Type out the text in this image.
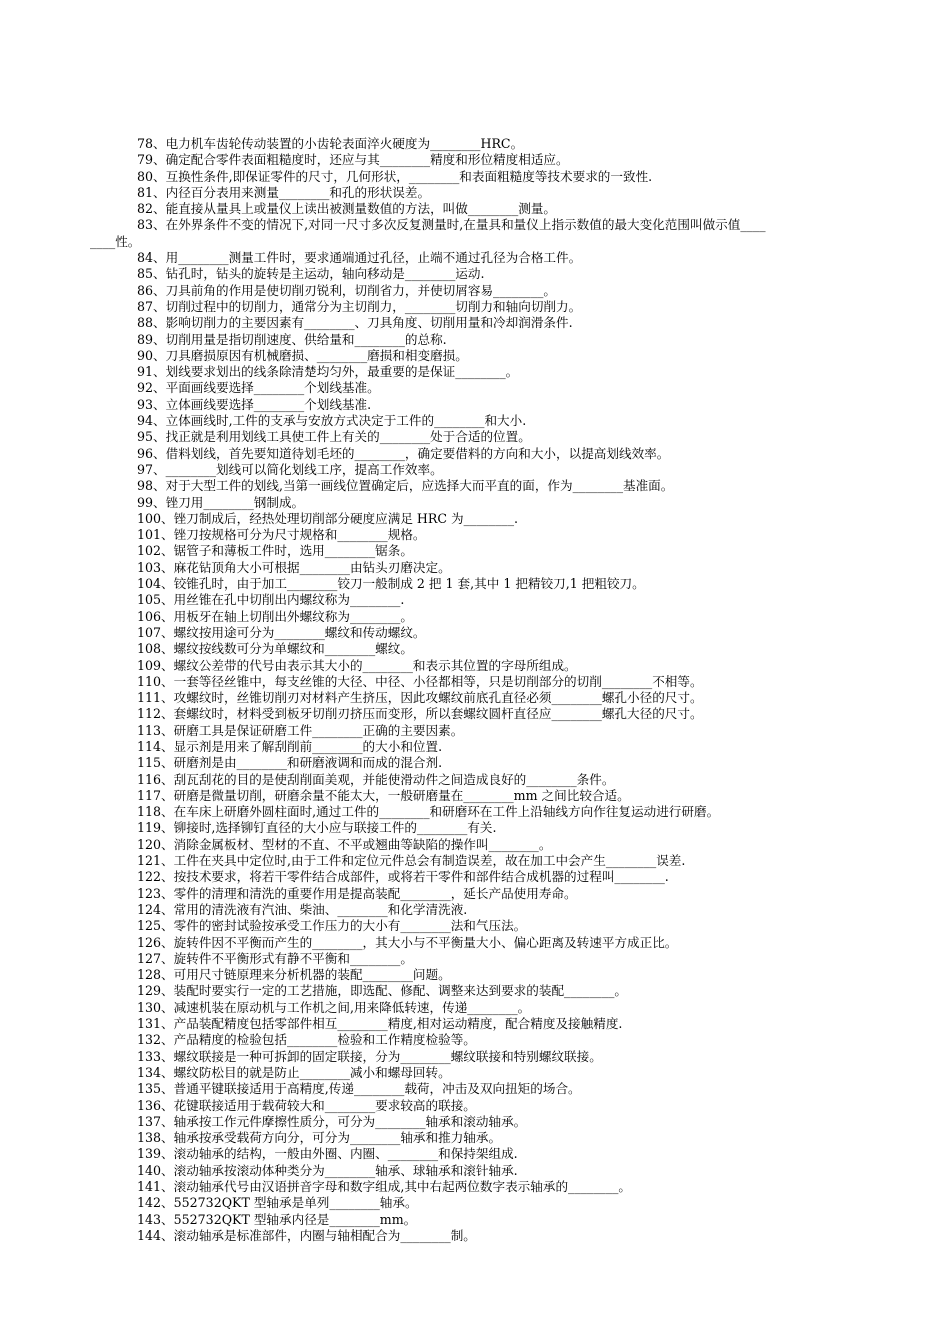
78、电力机车齿轮传动装置的小齿轮表面淬火硬度为________HRC。
79、确定配合零件表面粗糙度时，还应与其________精度和形位精度相适应。
80、互换性条件,即保证零件的尺寸，几何形状，________和表面粗糙度等技术要求的一致性.
81、内径百分表用来测量________和孔的形状误差。
82、能直接从量具上或量仪上读出被测量数值的方法，叫做________测量。
83、在外界条件不变的情况下,对同一尺寸多次反复测量时,在量具和量仪上指示数值的最大变化范围叫做示值____
____性。
84、用________测量工件时，要求通端通过孔径，止端不通过孔径为合格工件。
85、钻孔时，钻头的旋转是主运动，轴向移动是________运动.
86、刀具前角的作用是使切削刃锐利，切削省力，并使切屑容易________。
87、切削过程中的切削力，通常分为主切削力，________切削力和轴向切削力。
88、影响切削力的主要因素有________、刀具角度、切削用量和冷却润滑条件.
89、切削用量是指切削速度、供给量和________的总称.
90、刀具磨损原因有机械磨损、________磨损和相变磨损。
91、划线要求划出的线条除清楚均匀外，最重要的是保证________。
92、平面画线要选择________个划线基准。
93、立体画线要选择________个划线基准.
94、立体画线时,工件的支承与安放方式决定于工件的________和大小.
95、找正就是利用划线工具使工件上有关的________处于合适的位置。
96、借料划线，首先要知道待划毛坯的________，确定要借料的方向和大小，以提高划线效率。
97、________划线可以简化划线工序，提高工作效率。
98、对于大型工件的划线,当第一画线位置确定后，应选择大而平直的面，作为________基准面。
99、锉刀用________钢制成。
100、锉刀制成后，经热处理切削部分硬度应满足 HRC 为________.
101、锉刀按规格可分为尺寸规格和________规格。
102、锯管子和薄板工件时，选用________锯条。
103、麻花钻顶角大小可根据________由钻头刃磨决定。
104、铰锥孔时，由于加工________铰刀一般制成 2 把 1 套,其中 1 把精铰刀,1 把粗铰刀。
105、用丝锥在孔中切削出内螺纹称为________.
106、用板牙在轴上切削出外螺纹称为________。
107、螺纹按用途可分为________螺纹和传动螺纹。
108、螺纹按线数可分为单螺纹和________螺纹。
109、螺纹公差带的代号由表示其大小的________和表示其位置的字母所组成。
110、一套等径丝锥中，每支丝锥的大径、中径、小径都相等，只是切削部分的切削________不相等。
111、攻螺纹时，丝锥切削刃对材料产生挤压，因此攻螺纹前底孔直径必须________螺孔小径的尺寸。
112、套螺纹时，材料受到板牙切削刃挤压而变形，所以套螺纹圆杆直径应________螺孔大径的尺寸。
113、研磨工具是保证研磨工件________正确的主要因素。
114、显示剂是用来了解刮削前________的大小和位置.
115、研磨剂是由________和研磨液调和而成的混合剂.
116、刮瓦刮花的目的是使刮削面美观，并能使滑动件之间造成良好的________条件。
117、研磨是微量切削，研磨余量不能太大，一般研磨量在________mm 之间比较合适。
118、在车床上研磨外圆柱面时,通过工件的________和研磨环在工件上沿轴线方向作往复运动进行研磨。
119、铆接时,选择铆钉直径的大小应与联接工件的________有关.
120、消除金属板材、型材的不直、不平或翘曲等缺陷的操作叫________。
121、工件在夹具中定位时,由于工件和定位元件总会有制造误差，故在加工中会产生________误差.
122、按技术要求，将若干零件结合成部件，或将若干零件和部件结合成机器的过程叫________.
123、零件的清理和清洗的重要作用是提高装配________，延长产品使用寿命。
124、常用的清洗液有汽油、柴油、________和化学清洗液.
125、零件的密封试验按承受工作压力的大小有________法和气压法。
126、旋转件因不平衡而产生的________，其大小与不平衡量大小、偏心距离及转速平方成正比。
127、旋转件不平衡形式有静不平衡和________。
128、可用尺寸链原理来分析机器的装配________问题。
129、装配时要实行一定的工艺措施，即选配、修配、调整来达到要求的装配________。
130、减速机装在原动机与工作机之间,用来降低转速，传递________。
131、产品装配精度包括零部件相互________精度,相对运动精度，配合精度及接触精度.
132、产品精度的检验包括________检验和工作精度检验等。
133、螺纹联接是一种可拆卸的固定联接，分为________螺纹联接和特别螺纹联接。
134、螺纹防松目的就是防止________减小和螺母回转。
135、普通平键联接适用于高精度,传递________载荷，冲击及双向扭矩的场合。
136、花键联接适用于载荷较大和________要求较高的联接。
137、轴承按工作元件摩擦性质分，可分为________轴承和滚动轴承。
138、轴承按承受载荷方向分，可分为________轴承和推力轴承。
139、滚动轴承的结构，一般由外圈、内圈、________和保持架组成.
140、滚动轴承按滚动体种类分为________轴承、球轴承和滚针轴承.
141、滚动轴承代号由汉语拼音字母和数字组成,其中右起两位数字表示轴承的________。
142、552732QKT 型轴承是单列________轴承。
143、552732QKT 型轴承内径是________mm。
144、滚动轴承是标准部件，内圈与轴相配合为________制。
